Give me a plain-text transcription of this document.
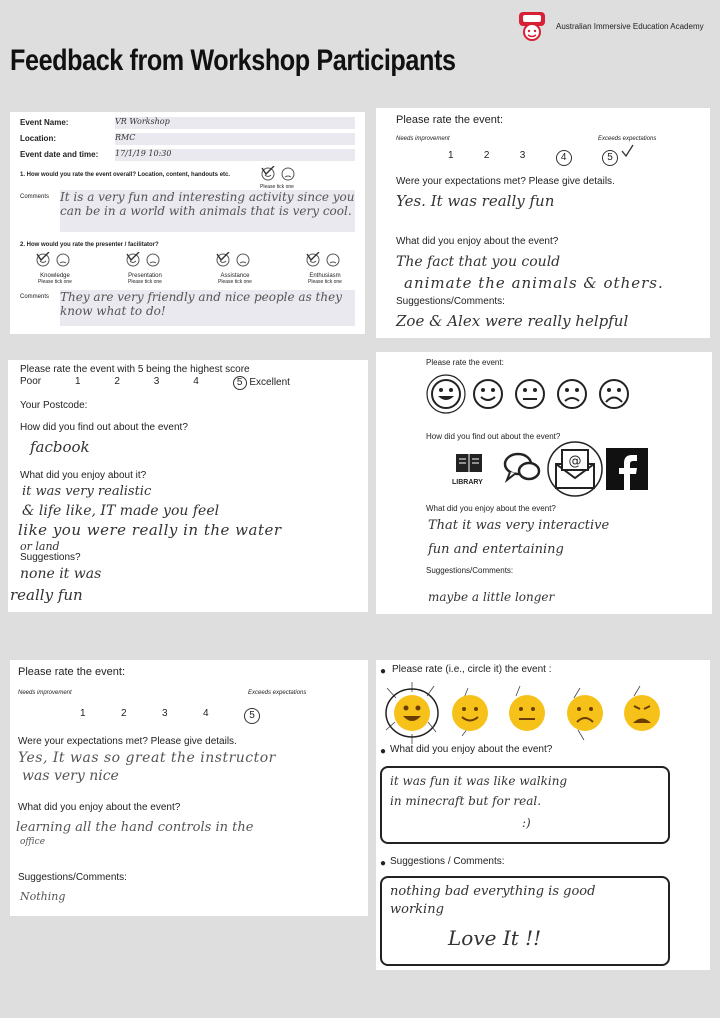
Australian Immersive Education Academy
Feedback from Workshop Participants
Event Name:	VR Workshop
Location:	RMC
Event date and time: 17/1/19 10:30
1. How would you rate the event overall? Location, content, handouts etc.
Please tick one
Comments It is a very fun and interesting activity since you can be in a world with animals that is very cool.
2. How would you rate the presenter / facilitator?
Knowledge
Please tick one
Presentation
Please tick one
Assistance
Please tick one
Enthusiasm
Please tick one
Comments They are very friendly and nice people as they know what to do!
Please rate the event:
Needs improvement	Exceeds expectations
1	2	3	4	5
Were your expectations met? Please give details.
Yes. It was really fun
What did you enjoy about the event?
The fact that you could
animate the animals & others.
Suggestions/Comments:
Zoe & Alex were really helpful
Please rate the event with 5 being the highest score
Poor	1	2	3	4	5 Excellent
Your Postcode:
How did you find out about the event?
facbook
What did you enjoy about it?
it was very realistic
& life like, IT made you feel
like you were really in the water
or land
Suggestions?
none it was
really fun
Please rate the event:
How did you find out about the event?
LIBRARY
@
What did you enjoy about the event?
That it was very interactive
fun and entertaining
Suggestions/Comments:
maybe a little longer
Please rate the event:
Needs improvement	Exceeds expectations
1	2	3	4	5
Were your expectations met? Please give details.
Yes, It was so great the instructor
was very nice
What did you enjoy about the event?
learning all the hand controls in the
office
Suggestions/Comments:
Nothing
● Please rate (i.e., circle it) the event :
● What did you enjoy about the event?
it was fun it was like walking
in minecraft but for real.
:)
● Suggestions / Comments:
nothing bad everything is good
working
Love It !!
